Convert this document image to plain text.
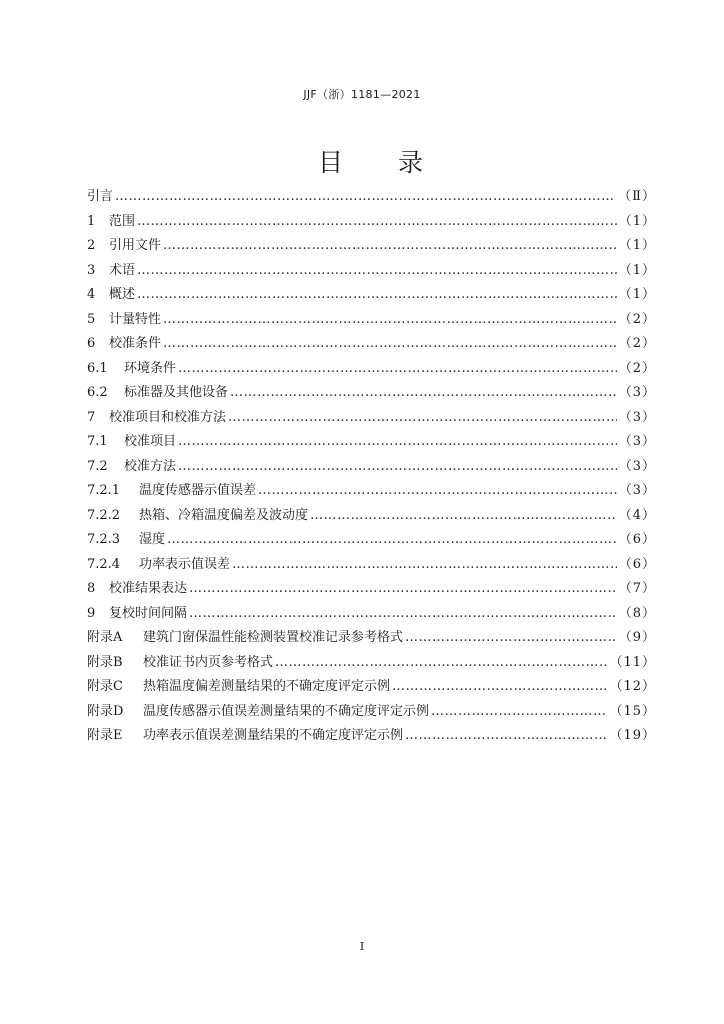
JJF（浙）1181—2021
目 录
引言 ……………………………………………………………………………………………………………………………………………………	（Ⅱ）
1	范围 ……………………………………………………………………………………………………………………………………………………	（1）
2	引用文件 ……………………………………………………………………………………………………………………………………………………	（1）
3	术语 ……………………………………………………………………………………………………………………………………………………	（1）
4	概述 ……………………………………………………………………………………………………………………………………………………	（1）
5	计量特性 ……………………………………………………………………………………………………………………………………………………	（2）
6	校准条件 ……………………………………………………………………………………………………………………………………………………	（2）
6.1	环境条件 ……………………………………………………………………………………………………………………………………………………	（2）
6.2	标准器及其他设备 ……………………………………………………………………………………………………………………………………………………	（3）
7	校准项目和校准方法 ……………………………………………………………………………………………………………………………………………………	（3）
7.1	校准项目 ……………………………………………………………………………………………………………………………………………………	（3）
7.2	校准方法 ……………………………………………………………………………………………………………………………………………………	（3）
7.2.1	温度传感器示值误差 ……………………………………………………………………………………………………………………………………………………	（3）
7.2.2	热箱、冷箱温度偏差及波动度 ……………………………………………………………………………………………………………………………………………………	（4）
7.2.3	湿度 ……………………………………………………………………………………………………………………………………………………	（6）
7.2.4	功率表示值误差 ……………………………………………………………………………………………………………………………………………………	（6）
8	校准结果表达 ……………………………………………………………………………………………………………………………………………………	（7）
9	复校时间间隔 ……………………………………………………………………………………………………………………………………………………	（8）
附录A	建筑门窗保温性能检测装置校准记录参考格式 ……………………………………………………………………………………………………………………………………………………	（9）
附录B	校准证书内页参考格式 ……………………………………………………………………………………………………………………………………………………	（11）
附录C	热箱温度偏差测量结果的不确定度评定示例 ……………………………………………………………………………………………………………………………………………………	（12）
附录D	温度传感器示值误差测量结果的不确定度评定示例 ……………………………………………………………………………………………………………………………………………………	（15）
附录E	功率表示值误差测量结果的不确定度评定示例 ……………………………………………………………………………………………………………………………………………………	（19）
I
